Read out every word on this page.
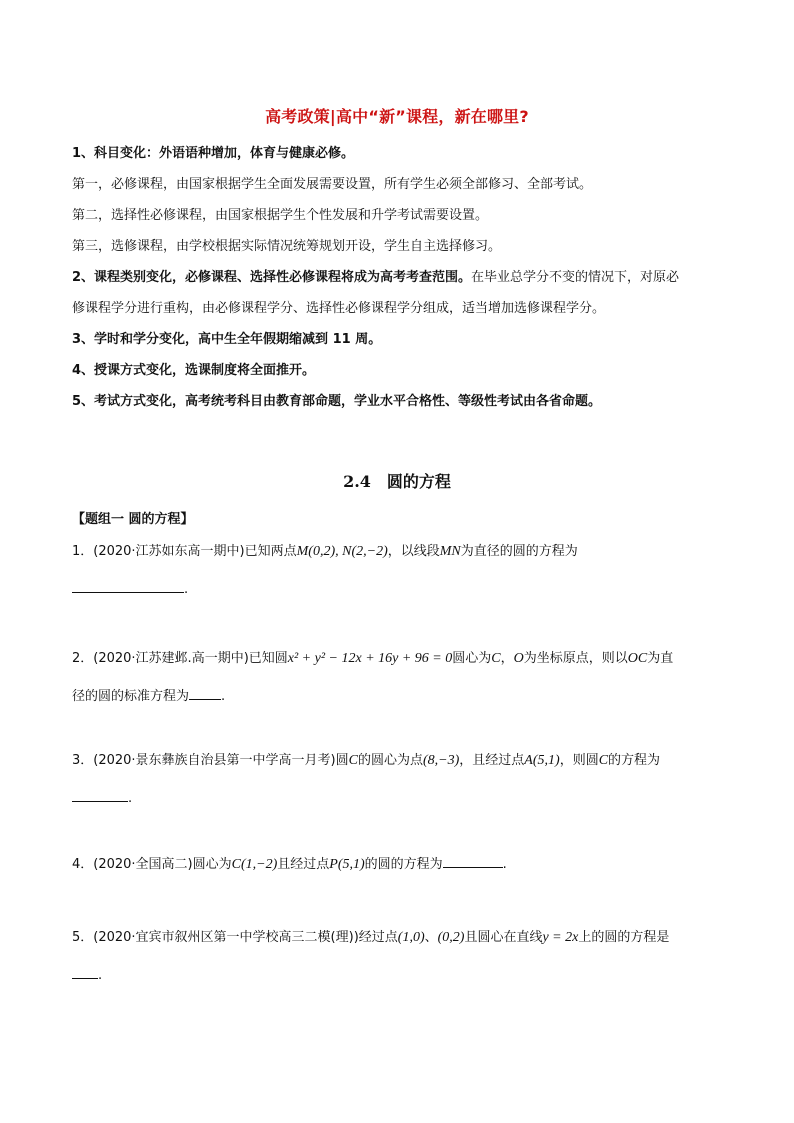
高考政策|高中“新”课程，新在哪里?
1、科目变化：外语语种增加，体育与健康必修。
第一，必修课程，由国家根据学生全面发展需要设置，所有学生必须全部修习、全部考试。
第二，选择性必修课程，由国家根据学生个性发展和升学考试需要设置。
第三，选修课程，由学校根据实际情况统筹规划开设，学生自主选择修习。
2、课程类别变化，必修课程、选择性必修课程将成为高考考查范围。在毕业总学分不变的情况下，对原必
修课程学分进行重构，由必修课程学分、选择性必修课程学分组成，适当增加选修课程学分。
3、学时和学分变化，高中生全年假期缩减到 11 周。
4、授课方式变化，选课制度将全面推开。
5、考试方式变化，高考统考科目由教育部命题，学业水平合格性、等级性考试由各省命题。
2.4　圆的方程
【题组一 圆的方程】
1．(2020·江苏如东高一期中)已知两点M(0,2), N(2,−2)，以线段MN为直径的圆的方程为
.
2．(2020·江苏建邺.高一期中)已知圆x² + y² − 12x + 16y + 96 = 0圆心为C，O为坐标原点，则以OC为直
径的圆的标准方程为 .
3．(2020·景东彝族自治县第一中学高一月考)圆C的圆心为点(8,−3)，且经过点A(5,1)，则圆C的方程为
.
4．(2020·全国高二)圆心为C(1,−2)且经过点P(5,1)的圆的方程为	.
5．(2020·宜宾市叙州区第一中学校高三二模(理))经过点(1,0)、(0,2)且圆心在直线y = 2x上的圆的方程是
.
